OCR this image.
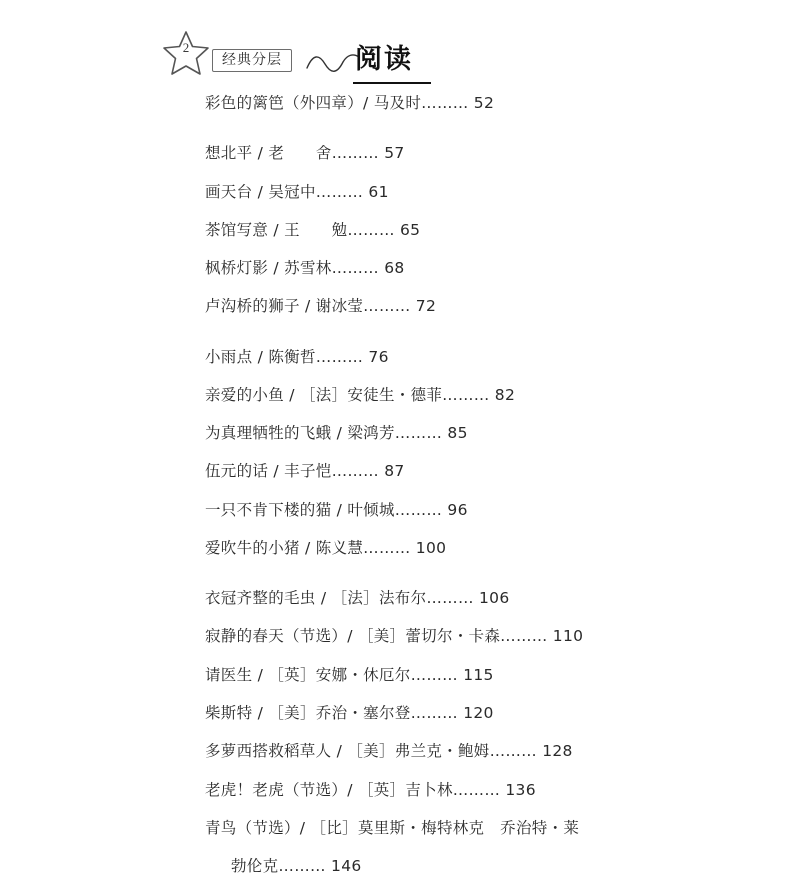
2
经典分层	阅读
彩色的篱笆（外四章）/ 马及时……… 52
想北平 / 老　　舍……… 57
画天台 / 吴冠中……… 61
茶馆写意 / 王　　勉……… 65
枫桥灯影 / 苏雪林……… 68
卢沟桥的狮子 / 谢冰莹……… 72
小雨点 / 陈衡哲……… 76
亲爱的小鱼 / ［法］安徒生・德菲……… 82
为真理牺牲的飞蛾 / 梁鸿芳……… 85
伍元的话 / 丰子恺……… 87
一只不肯下楼的猫 / 叶倾城……… 96
爱吹牛的小猪 / 陈义慧……… 100
衣冠齐整的毛虫 / ［法］法布尔……… 106
寂静的春天（节选）/ ［美］蕾切尔・卡森……… 110
请医生 / ［英］安娜・休厄尔……… 115
柴斯特 / ［美］乔治・塞尔登……… 120
多萝西搭救稻草人 / ［美］弗兰克・鲍姆……… 128
老虎！老虎（节选）/ ［英］吉卜林……… 136
青鸟（节选）/ ［比］莫里斯・梅特林克　乔治特・莱
勃伦克……… 146
